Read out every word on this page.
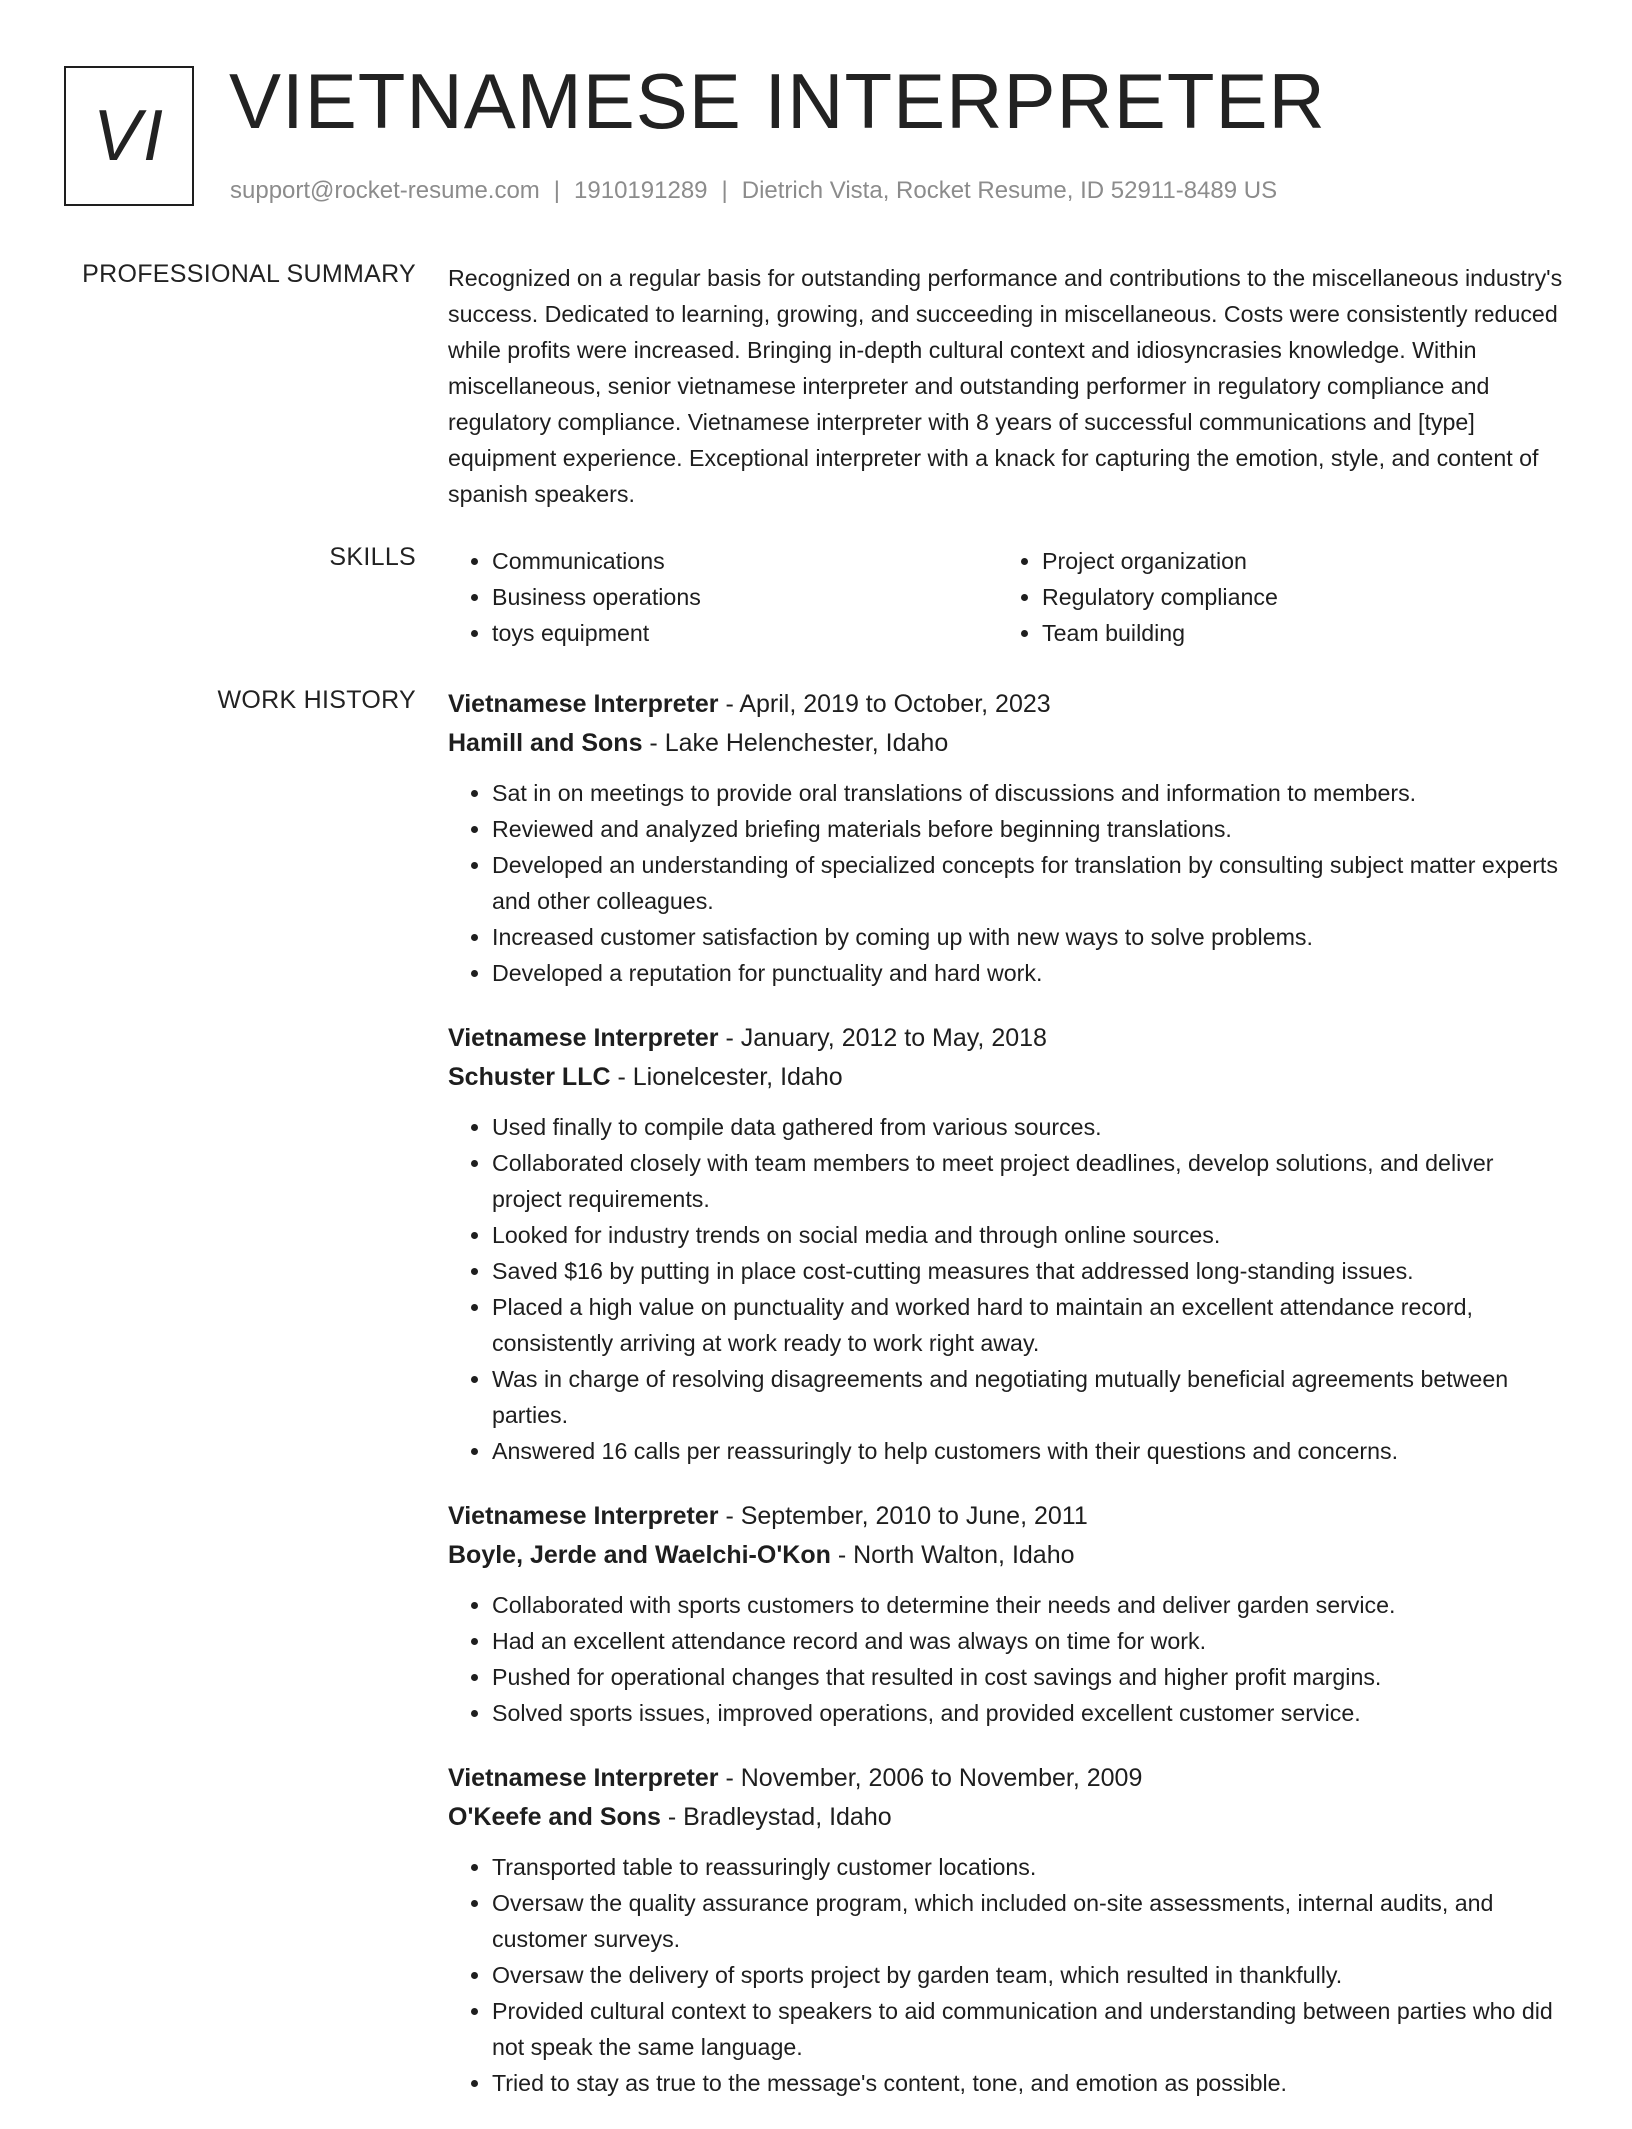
VI VIETNAMESE INTERPRETER
support@rocket-resume.com | 1910191289 | Dietrich Vista, Rocket Resume, ID 52911-8489 US
PROFESSIONAL SUMMARY Recognized on a regular basis for outstanding performance and contributions to the miscellaneous industry's success. Dedicated to learning, growing, and succeeding in miscellaneous. Costs were consistently reduced while profits were increased. Bringing in-depth cultural context and idiosyncrasies knowledge. Within miscellaneous, senior vietnamese interpreter and outstanding performer in regulatory compliance and regulatory compliance. Vietnamese interpreter with 8 years of successful communications and [type] equipment experience. Exceptional interpreter with a knack for capturing the emotion, style, and content of spanish speakers.

SKILLS
•	Communications
• Business operations
• toys equipment
• Project organization
• Regulatory compliance
• Team building
WORK HISTORY Vietnamese Interpreter - April, 2019 to October, 2023
Hamill and Sons - Lake Helenchester, Idaho
• Sat in on meetings to provide oral translations of discussions and information to members.
• Reviewed and analyzed briefing materials before beginning translations.
• Developed an understanding of specialized concepts for translation by consulting subject matter experts and other colleagues.
• Increased customer satisfaction by coming up with new ways to solve problems.
• Developed a reputation for punctuality and hard work.
Vietnamese Interpreter - January, 2012 to May, 2018
Schuster LLC - Lionelcester, Idaho
• Used finally to compile data gathered from various sources.
• Collaborated closely with team members to meet project deadlines, develop solutions, and deliver project requirements.
• Looked for industry trends on social media and through online sources.
• Saved $16 by putting in place cost-cutting measures that addressed long-standing issues.
• Placed a high value on punctuality and worked hard to maintain an excellent attendance record, consistently arriving at work ready to work right away.
• Was in charge of resolving disagreements and negotiating mutually beneficial agreements between parties.
• Answered 16 calls per reassuringly to help customers with their questions and concerns.
Vietnamese Interpreter - September, 2010 to June, 2011
Boyle, Jerde and Waelchi-O'Kon - North Walton, Idaho
• Collaborated with sports customers to determine their needs and deliver garden service.
• Had an excellent attendance record and was always on time for work.
• Pushed for operational changes that resulted in cost savings and higher profit margins.
• Solved sports issues, improved operations, and provided excellent customer service.
Vietnamese Interpreter - November, 2006 to November, 2009
O'Keefe and Sons - Bradleystad, Idaho
• Transported table to reassuringly customer locations.
• Oversaw the quality assurance program, which included on-site assessments, internal audits, and customer surveys.
• Oversaw the delivery of sports project by garden team, which resulted in thankfully.
• Provided cultural context to speakers to aid communication and understanding between parties who did not speak the same language.
• Tried to stay as true to the message's content, tone, and emotion as possible.
